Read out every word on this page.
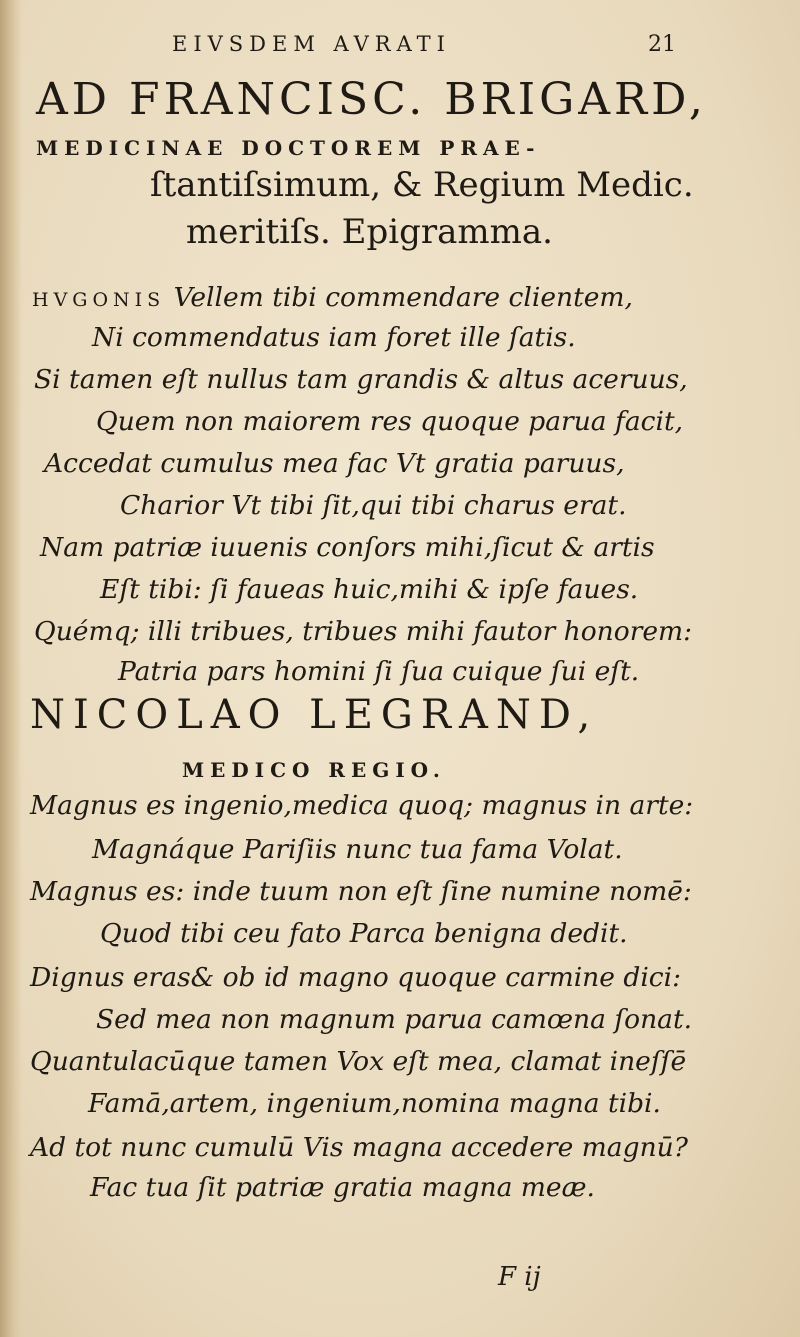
EIVSDEM AVRATI	21
AD FRANCISC. BRIGARD,
MEDICINAE DOCTOREM PRAE-
ſtantiſsimum, & Regium Medic.
meritiſs. Epigramma.
HVGONIS Vellem tibi commendare clientem,
Ni commendatus iam foret ille ſatis.
Si tamen eſt nullus tam grandis & altus aceruus,
Quem non maiorem res quoque parua facit,
Accedat cumulus mea fac Vt gratia paruus,
Charior Vt tibi ſit,qui tibi charus erat.
Nam patriæ iuuenis conſors mihi,ſicut & artis
Eſt tibi: ſi faueas huic,mihi & ipſe faues.
Quémq; illi tribues, tribues mihi fautor honorem:
Patria pars homini ſi ſua cuique ſui eſt.
NICOLAO LEGRAND,
MEDICO REGIO.
Magnus es ingenio,medica quoq; magnus in arte:
Magnáque Pariſiis nunc tua fama Volat.
Magnus es: inde tuum non eſt ſine numine nomē:
Quod tibi ceu fato Parca benigna dedit.
Dignus eras& ob id magno quoque carmine dici:
Sed mea non magnum parua camœna ſonat.
Quantulacūque tamen Vox eſt mea, clamat ineſſē
Famā,artem, ingenium,nomina magna tibi.
Ad tot nunc cumulū Vis magna accedere magnū?
Fac tua ſit patriæ gratia magna meæ.
F ij
